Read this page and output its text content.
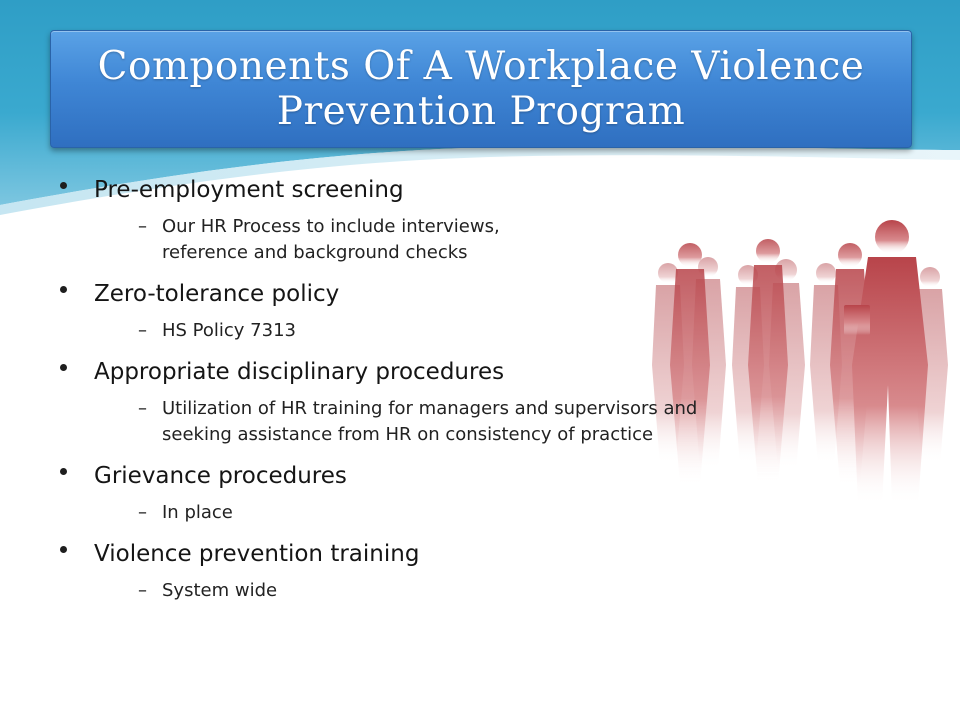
Components Of A Workplace Violence
Prevention Program
Pre-employment screening
– Our HR Process to include interviews,
reference and background checks
Zero-tolerance policy
– HS Policy 7313
Appropriate disciplinary procedures
– Utilization of HR training for managers and supervisors and
seeking assistance from HR on consistency of practice
Grievance procedures
– In place
Violence prevention training
– System wide
